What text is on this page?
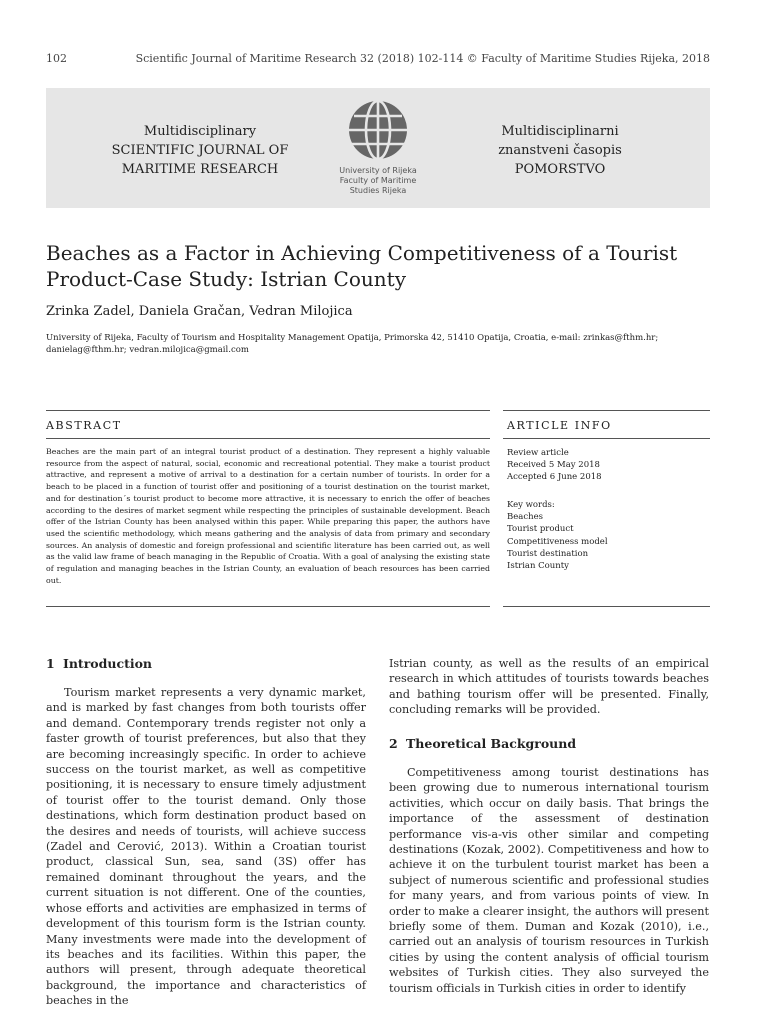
102	Scientific Journal of Maritime Research 32 (2018) 102-114 © Faculty of Maritime Studies Rijeka, 2018
Multidisciplinary
SCIENTIFIC JOURNAL OF
MARITIME RESEARCH	University of Rijeka
Faculty of Maritime
Studies Rijeka
Multidisciplinarni
znanstveni časopis
POMORSTVO
Beaches as a Factor in Achieving Competitiveness of a Tourist Product-Case Study: Istrian County
Zrinka Zadel, Daniela Gračan, Vedran Milojica
University of Rijeka, Faculty of Tourism and Hospitality Management Opatija, Primorska 42, 51410 Opatija, Croatia, e-mail: zrinkas@fthm.hr; danielag@fthm.hr; vedran.milojica@gmail.com
ABSTRACT	ARTICLE INFO

Beaches are the main part of an integral tourist product of a destination. They represent a highly valuable resource from the aspect of natural, social, economic and recreational potential. They make a tourist product attractive, and represent a motive of arrival to a destination for a certain number of tourists. In order for a beach to be placed in a function of tourist offer and positioning of a tourist destination on the tourist market, and for destination´s tourist product to become more attractive, it is necessary to enrich the offer of beaches according to the desires of market segment while respecting the principles of sustainable development. Beach offer of the Istrian County has been analysed within this paper. While preparing this paper, the authors have used the scientific methodology, which means gathering and the analysis of data from primary and secondary sources. An analysis of domestic and foreign professional and scientific literature has been carried out, as well as the valid law frame of beach managing in the Republic of Croatia. With a goal of analysing the existing state of regulation and managing beaches in the Istrian County, an evaluation of beach resources has been carried out.

Review article
Received 5 May 2018
Accepted 6 June 2018
Key words:
Beaches
Tourist product
Competitiveness model
Tourist destination
Istrian County
1 Introduction

Tourism market represents a very dynamic market, and is marked by fast changes from both tourists offer and demand. Contemporary trends register not only a faster growth of tourist preferences, but also that they are becoming increasingly specific. In order to achieve success on the tourist market, as well as competitive positioning, it is necessary to ensure timely adjustment of tourist offer to the tourist demand. Only those destinations, which form destination product based on the desires and needs of tourists, will achieve success (Zadel and Cerović, 2013). Within a Croatian tourist product, classical Sun, sea, sand (3S) offer has remained dominant throughout the years, and the current situation is not different. One of the counties, whose efforts and activities are emphasized in terms of development of this tourism form is the Istrian county. Many investments were made into the development of its beaches and its facilities. Within this paper, the authors will present, through adequate theoretical background, the importance and characteristics of beaches in the

Istrian county, as well as the results of an empirical research in which attitudes of tourists towards beaches and bathing tourism offer will be presented. Finally, concluding remarks will be provided.

2 Theoretical Background

Competitiveness among tourist destinations has been growing due to numerous international tourism activities, which occur on daily basis. That brings the importance of the assessment of destination performance vis-a-vis other similar and competing destinations (Kozak, 2002). Competitiveness and how to achieve it on the turbulent tourist market has been a subject of numerous scientific and professional studies for many years, and from various points of view. In order to make a clearer insight, the authors will present briefly some of them. Duman and Kozak (2010), i.e., carried out an analysis of tourism resources in Turkish cities by using the content analysis of official tourism websites of Turkish cities. They also surveyed the tourism officials in Turkish cities in order to identify
